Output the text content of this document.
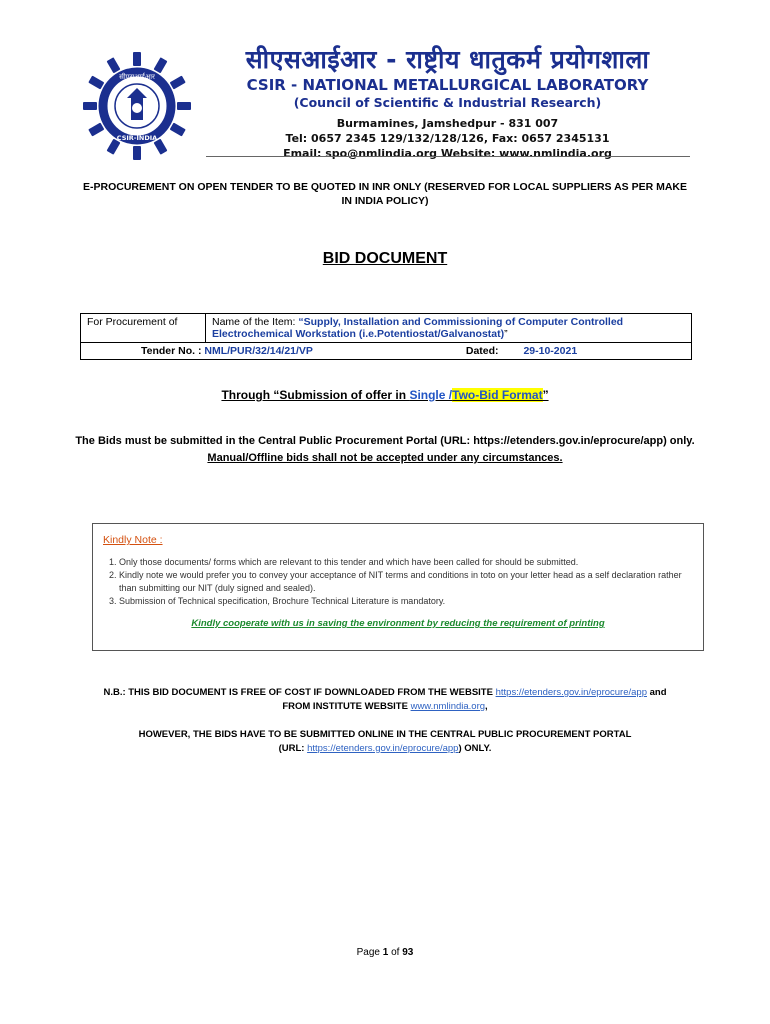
सीएसआईआर
CSIR-INDIA
सीएसआईआर - राष्ट्रीय धातुकर्म प्रयोगशाला
CSIR - NATIONAL METALLURGICAL LABORATORY
(Council of Scientific & Industrial Research)
Burmamines, Jamshedpur - 831 007
Tel: 0657 2345 129/132/128/126, Fax: 0657 2345131
Email: spo@nmlindia.org Website: www.nmlindia.org
E-PROCUREMENT ON OPEN TENDER TO BE QUOTED IN INR ONLY (RESERVED FOR LOCAL SUPPLIERS AS PER MAKE IN INDIA POLICY)
BID DOCUMENT
For Procurement of	Name of the Item: “Supply, Installation and Commissioning of Computer Controlled Electrochemical Workstation (i.e.Potentiostat/Galvanostat)”
Tender No. : NML/PUR/32/14/21/VP	Dated: 29-10-2021
Through “Submission of offer in Single /Two-Bid Format”
The Bids must be submitted in the Central Public Procurement Portal (URL: https://etenders.gov.in/eprocure/app) only. Manual/Offline bids shall not be accepted under any circumstances.
Kindly Note :
1. Only those documents/ forms which are relevant to this tender and which have been called for should be submitted.
2. Kindly note we would prefer you to convey your acceptance of NIT terms and conditions in toto on your letter head as a self declaration rather than submitting our NIT (duly signed and sealed).
3. Submission of Technical specification, Brochure Technical Literature is mandatory.
Kindly cooperate with us in saving the environment by reducing the requirement of printing
N.B.: THIS BID DOCUMENT IS FREE OF COST IF DOWNLOADED FROM THE WEBSITE https://etenders.gov.in/eprocure/app and
FROM INSTITUTE WEBSITE www.nmlindia.org,
HOWEVER, THE BIDS HAVE TO BE SUBMITTED ONLINE IN THE CENTRAL PUBLIC PROCUREMENT PORTAL
(URL: https://etenders.gov.in/eprocure/app) ONLY.
Page 1 of 93
